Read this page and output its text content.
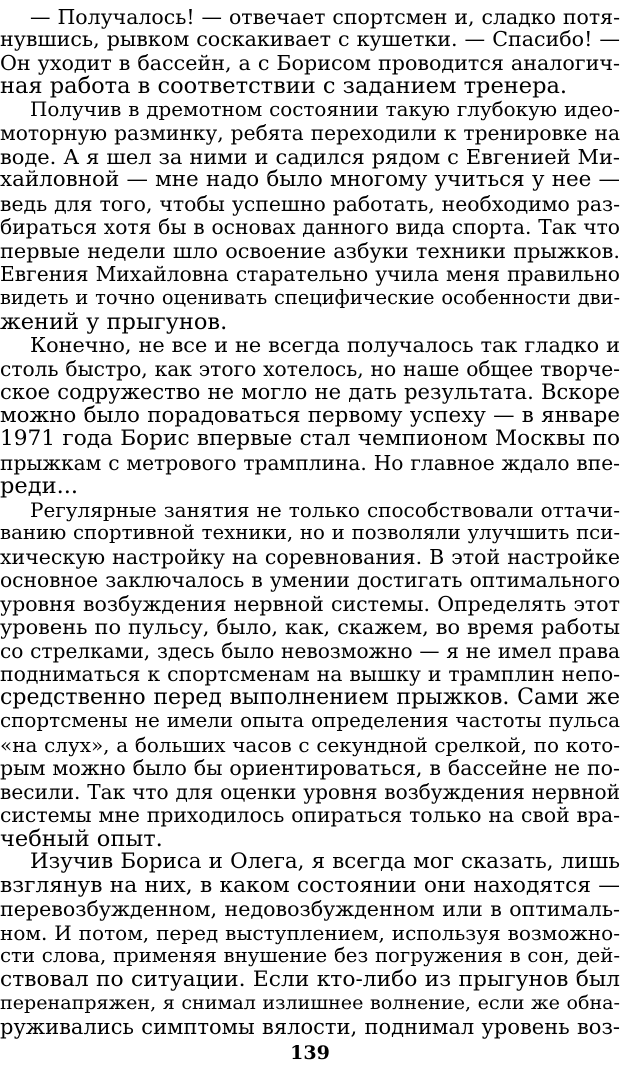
— Получалось! — отвечает спортсмен и, сладко потя-
нувшись, рывком соскакивает с кушетки. — Спасибо! —
Он уходит в бассейн, а с Борисом проводится аналогич-
ная работа в соответствии с заданием тренера.
Получив в дремотном состоянии такую глубокую идео-
моторную разминку, ребята переходили к тренировке на
воде. А я шел за ними и садился рядом с Евгенией Ми-
хайловной — мне надо было многому учиться у нее —
ведь для того, чтобы успешно работать, необходимо раз-
бираться хотя бы в основах данного вида спорта. Так что
первые недели шло освоение азбуки техники прыжков.
Евгения Михайловна старательно учила меня правильно
видеть и точно оценивать специфические особенности дви-
жений у прыгунов.
Конечно, не все и не всегда получалось так гладко и
столь быстро, как этого хотелось, но наше общее творче-
ское содружество не могло не дать результата. Вскоре
можно было порадоваться первому успеху — в январе
1971 года Борис впервые стал чемпионом Москвы по
прыжкам с метрового трамплина. Но главное ждало впе-
реди...
Регулярные занятия не только способствовали оттачи-
ванию спортивной техники, но и позволяли улучшить пси-
хическую настройку на соревнования. В этой настройке
основное заключалось в умении достигать оптимального
уровня возбуждения нервной системы. Определять этот
уровень по пульсу, было, как, скажем, во время работы
со стрелками, здесь было невозможно — я не имел права
подниматься к спортсменам на вышку и трамплин непо-
средственно перед выполнением прыжков. Сами же
спортсмены не имели опыта определения частоты пульса
«на слух», а больших часов с секундной срелкой, по кото-
рым можно было бы ориентироваться, в бассейне не по-
весили. Так что для оценки уровня возбуждения нервной
системы мне приходилось опираться только на свой вра-
чебный опыт.
Изучив Бориса и Олега, я всегда мог сказать, лишь
взглянув на них, в каком состоянии они находятся —
перевозбужденном, недовозбужденном или в оптималь-
ном. И потом, перед выступлением, используя возможно-
сти слова, применяя внушение без погружения в сон, дей-
ствовал по ситуации. Если кто-либо из прыгунов был
перенапряжен, я снимал излишнее волнение, если же обна-
руживались симптомы вялости, поднимал уровень воз-
139
